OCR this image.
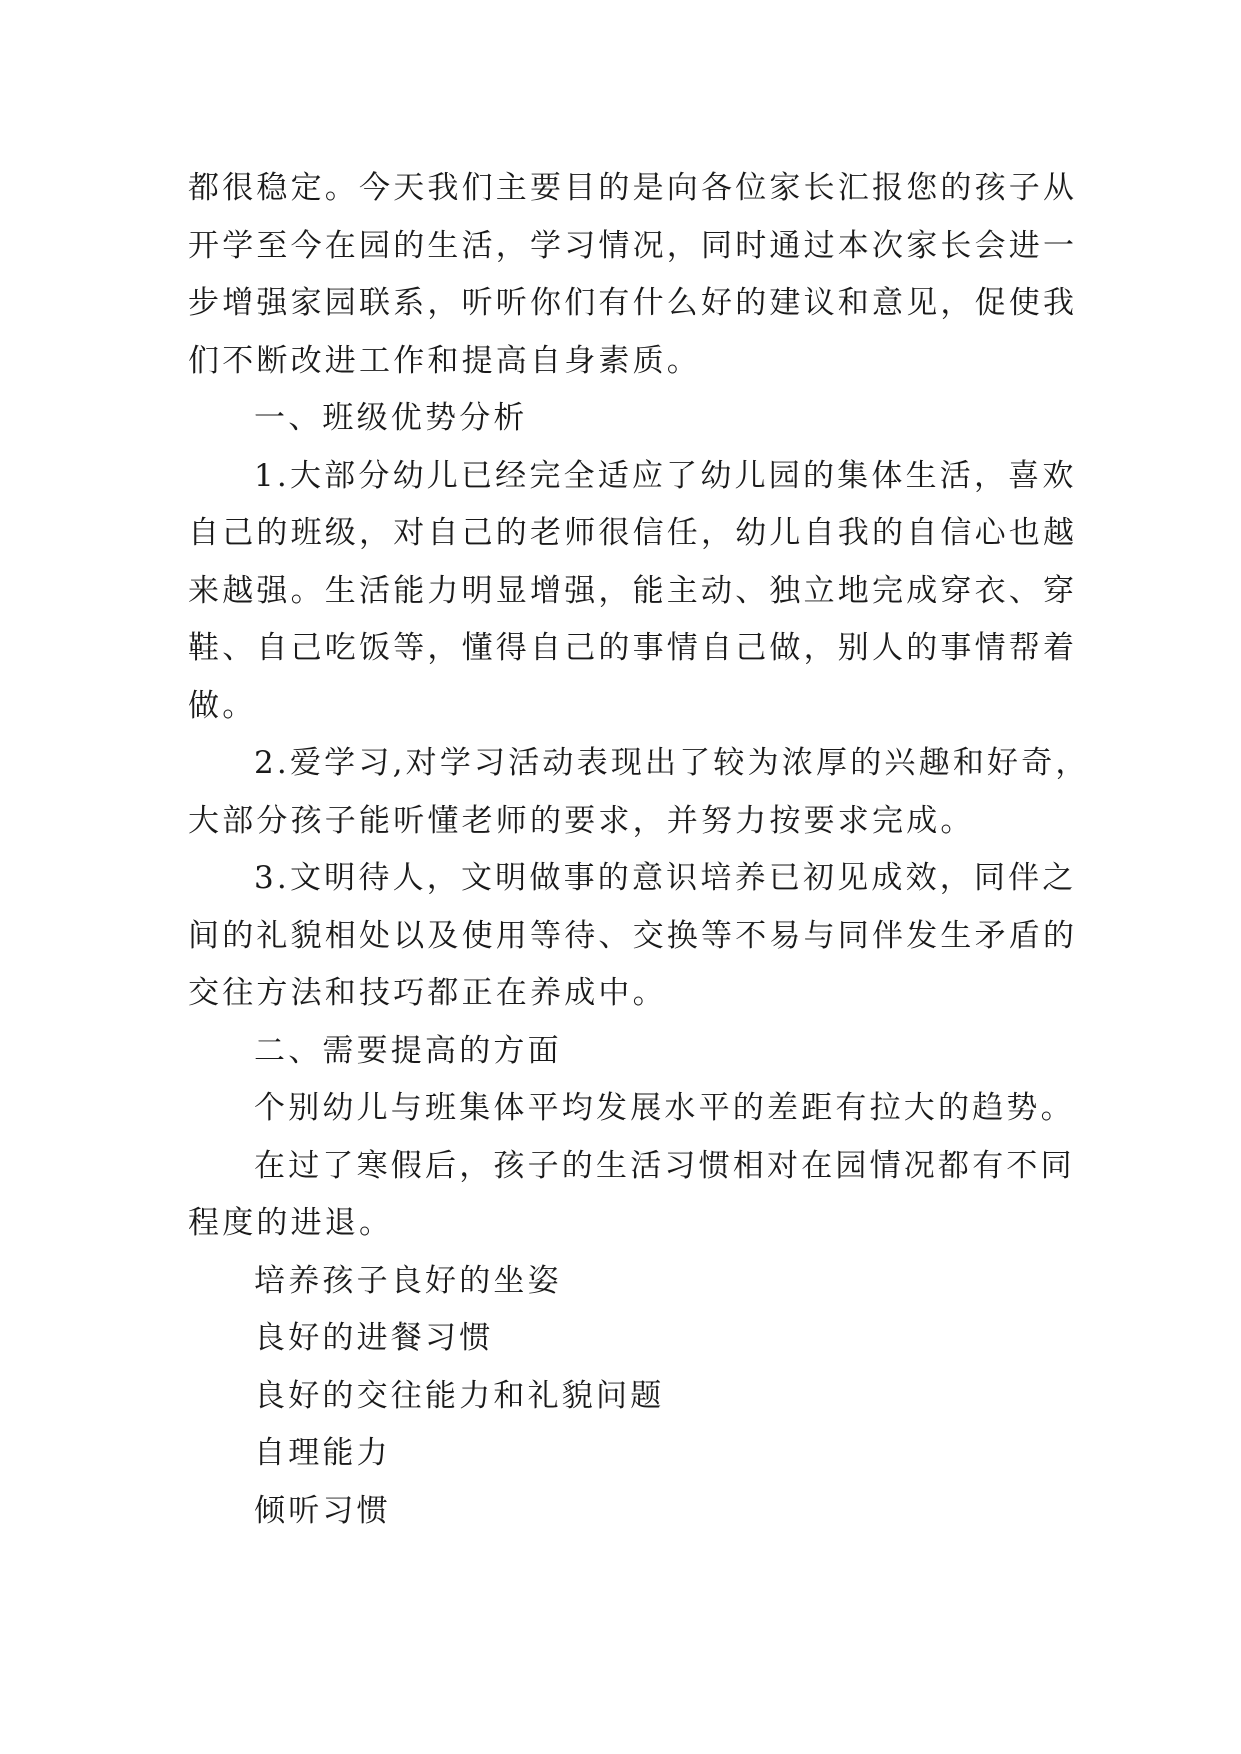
都很稳定。今天我们主要目的是向各位家长汇报您的孩子从
开学至今在园的生活，学习情况，同时通过本次家长会进一
步增强家园联系，听听你们有什么好的建议和意见，促使我
们不断改进工作和提高自身素质。
一、班级优势分析
1.大部分幼儿已经完全适应了幼儿园的集体生活，喜欢
自己的班级，对自己的老师很信任，幼儿自我的自信心也越
来越强。生活能力明显增强，能主动、独立地完成穿衣、穿
鞋、自己吃饭等，懂得自己的事情自己做，别人的事情帮着
做。
2.爱学习,对学习活动表现出了较为浓厚的兴趣和好奇，
大部分孩子能听懂老师的要求，并努力按要求完成。
3.文明待人，文明做事的意识培养已初见成效，同伴之
间的礼貌相处以及使用等待、交换等不易与同伴发生矛盾的
交往方法和技巧都正在养成中。
二、需要提高的方面
个别幼儿与班集体平均发展水平的差距有拉大的趋势。
在过了寒假后，孩子的生活习惯相对在园情况都有不同
程度的进退。
培养孩子良好的坐姿
良好的进餐习惯
良好的交往能力和礼貌问题
自理能力
倾听习惯
